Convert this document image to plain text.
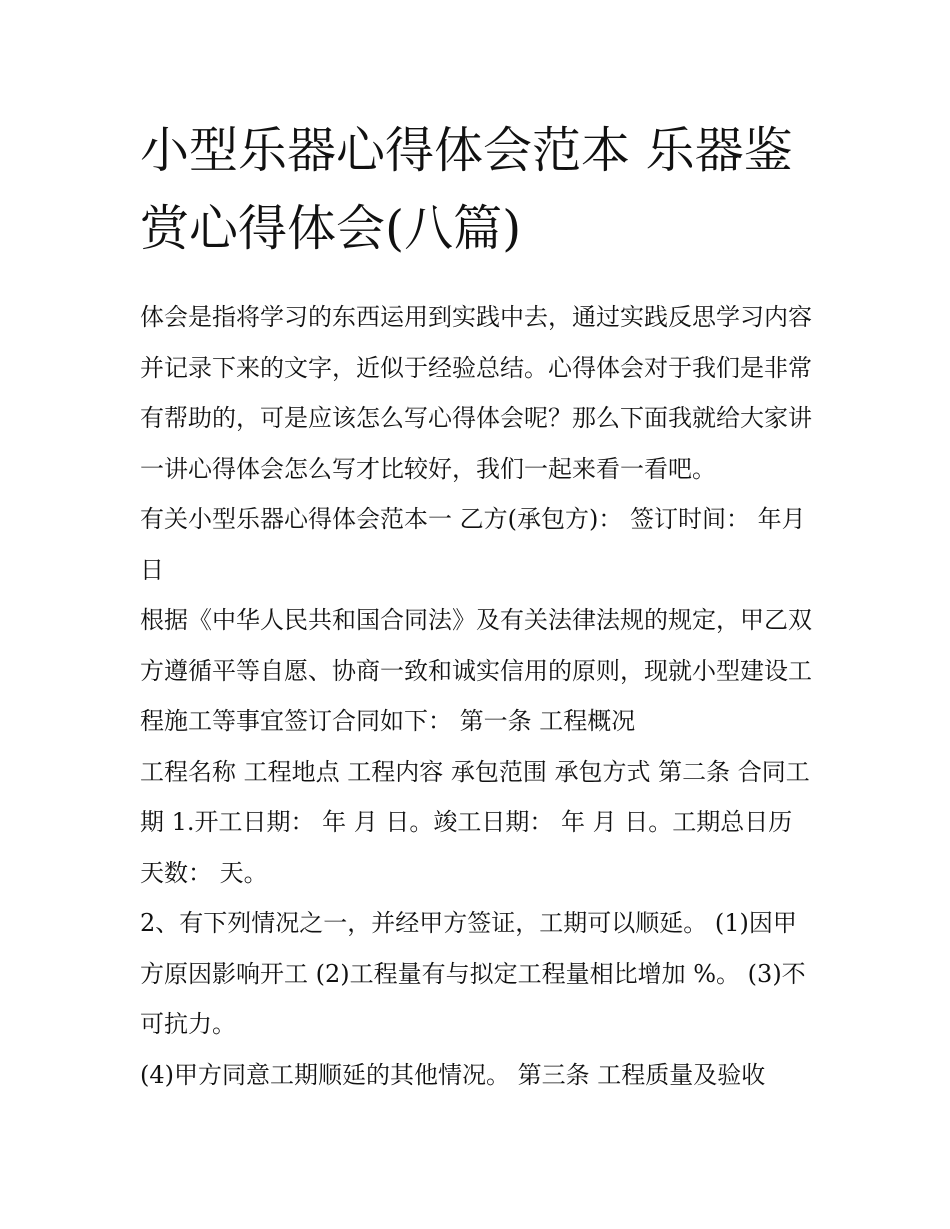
小型乐器心得体会范本 乐器鉴赏心得体会(八篇)

体会是指将学习的东西运用到实践中去，通过实践反思学习内容并记录下来的文字，近似于经验总结。心得体会对于我们是非常有帮助的，可是应该怎么写心得体会呢？那么下面我就给大家讲一讲心得体会怎么写才比较好，我们一起来看一看吧。

有关小型乐器心得体会范本一 乙方(承包方)： 签订时间： 年月 日

根据《中华人民共和国合同法》及有关法律法规的规定，甲乙双方遵循平等自愿、协商一致和诚实信用的原则，现就小型建设工程施工等事宜签订合同如下： 第一条 工程概况

工程名称 工程地点 工程内容 承包范围 承包方式 第二条 合同工期 1.开工日期： 年 月 日。竣工日期： 年 月 日。工期总日历天数： 天。

2、有下列情况之一，并经甲方签证，工期可以顺延。 (1)因甲方原因影响开工 (2)工程量有与拟定工程量相比增加 %。 (3)不可抗力。

(4)甲方同意工期顺延的其他情况。 第三条 工程质量及验收
